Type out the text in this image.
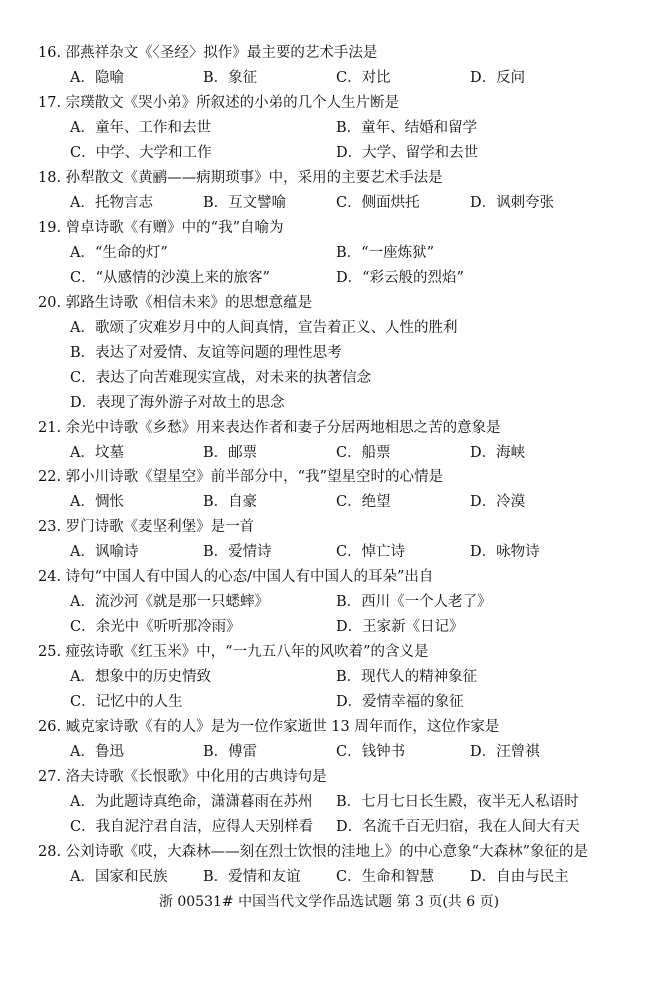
16. 邵燕祥杂文《〈圣经〉拟作》最主要的艺术手法是
A．隐喻	B．象征	C．对比	D．反问
17. 宗璞散文《哭小弟》所叙述的小弟的几个人生片断是
A．童年、工作和去世	B．童年、结婚和留学
C．中学、大学和工作	D．大学、留学和去世
18. 孙犁散文《黄鹂——病期琐事》中，采用的主要艺术手法是
A．托物言志	B．互文譬喻	C．侧面烘托	D．讽刺夸张
19. 曾卓诗歌《有赠》中的“我”自喻为
A．“生命的灯”	B．“一座炼狱”
C．“从感情的沙漠上来的旅客”	D．“彩云般的烈焰”
20. 郭路生诗歌《相信未来》的思想意蕴是
A．歌颂了灾难岁月中的人间真情，宣告着正义、人性的胜利
B．表达了对爱情、友谊等问题的理性思考
C．表达了向苦难现实宣战，对未来的执著信念
D．表现了海外游子对故土的思念
21. 余光中诗歌《乡愁》用来表达作者和妻子分居两地相思之苦的意象是
A．坟墓	B．邮票	C．船票	D．海峡
22. 郭小川诗歌《望星空》前半部分中，“我”望星空时的心情是
A．惆怅	B．自豪	C．绝望	D．冷漠
23. 罗门诗歌《麦坚利堡》是一首
A．讽喻诗	B．爱情诗	C．悼亡诗	D．咏物诗
24. 诗句“中国人有中国人的心态/中国人有中国人的耳朵”出自
A．流沙河《就是那一只蟋蟀》	B．西川《一个人老了》
C．余光中《听听那冷雨》	D．王家新《日记》
25. 痖弦诗歌《红玉米》中，“一九五八年的风吹着”的含义是
A．想象中的历史情致	B．现代人的精神象征
C．记忆中的人生	D．爱情幸福的象征
26. 臧克家诗歌《有的人》是为一位作家逝世 13 周年而作，这位作家是
A．鲁迅	B．傅雷	C．钱钟书	D．汪曾祺
27. 洛夫诗歌《长恨歌》中化用的古典诗句是
A．为此题诗真绝命，潇潇暮雨在苏州 B．七月七日长生殿，夜半无人私语时
C．我自泥泞君自洁，应得人天别样看 D．名流千百无归宿，我在人间大有天
28. 公刘诗歌《哎，大森林——刻在烈士饮恨的洼地上》的中心意象“大森林”象征的是
A．国家和民族 B．爱情和友谊 C．生命和智慧 D．自由与民主
浙 00531# 中国当代文学作品选试题 第 3 页(共 6 页)
